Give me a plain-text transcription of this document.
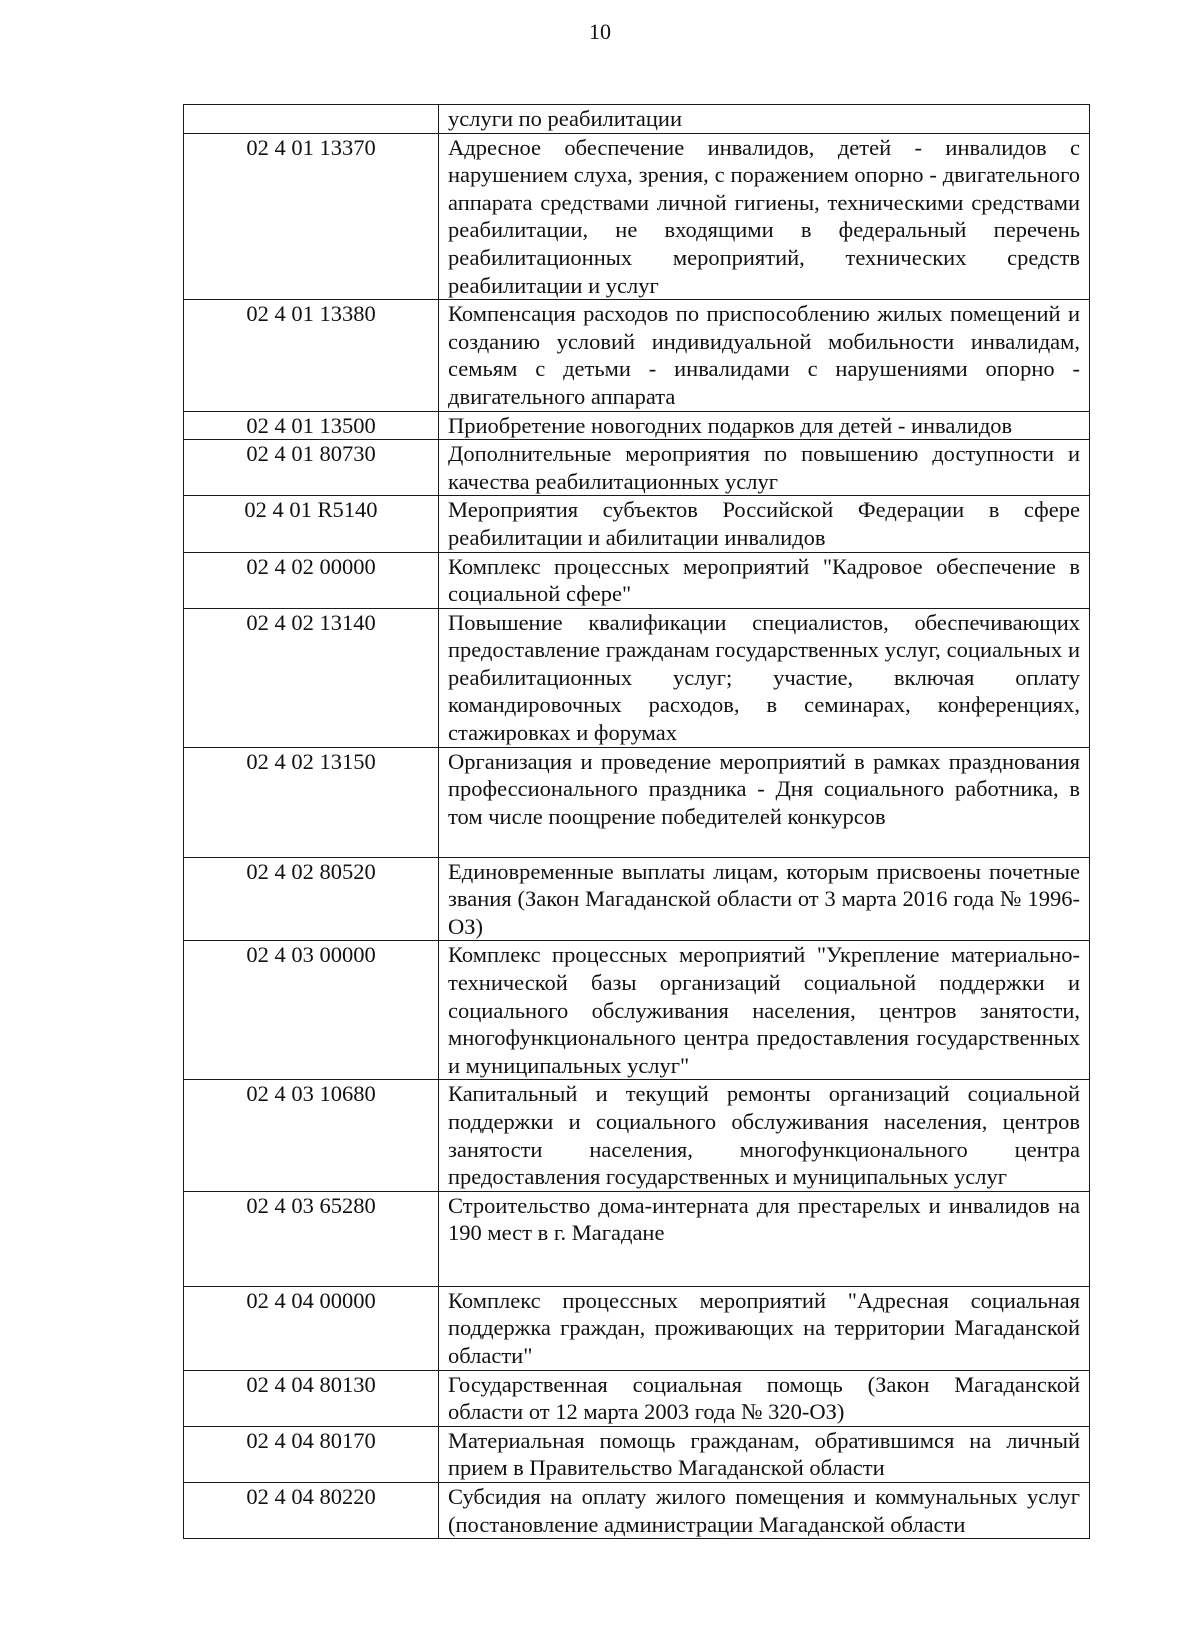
10

	услуги по реабилитации

02 4 01 13370	Адресное обеспечение инвалидов, детей - инвалидов с нарушением слуха, зрения, с поражением опорно - двигательного аппарата средствами личной гигиены, техническими средствами реабилитации, не входящими в федеральный перечень реабилитационных мероприятий, технических средств реабилитации и услуг

02 4 01 13380	Компенсация расходов по приспособлению жилых помещений и созданию условий индивидуальной мобильности инвалидам, семьям с детьми - инвалидами с нарушениями опорно - двигательного аппарата

02 4 01 13500	Приобретение новогодних подарков для детей - инвалидов

02 4 01 80730	Дополнительные мероприятия по повышению доступности и качества реабилитационных услуг

02 4 01 R5140	Мероприятия субъектов Российской Федерации в сфере реабилитации и абилитации инвалидов

02 4 02 00000	Комплекс процессных мероприятий "Кадровое обеспечение в социальной сфере"

02 4 02 13140	Повышение квалификации специалистов, обеспечивающих предоставление гражданам государственных услуг, социальных и реабилитационных услуг; участие, включая оплату командировочных расходов, в семинарах, конференциях, стажировках и форумах

02 4 02 13150	Организация и проведение мероприятий в рамках празднования профессионального праздника - Дня социального работника, в том числе поощрение победителей конкурсов

02 4 02 80520	Единовременные выплаты лицам, которым присвоены почетные звания (Закон Магаданской области от 3 марта 2016 года № 1996-ОЗ)

02 4 03 00000	Комплекс процессных мероприятий "Укрепление материально-технической базы организаций социальной поддержки и социального обслуживания населения, центров занятости, многофункционального центра предоставления государственных и муниципальных услуг"

02 4 03 10680	Капитальный и текущий ремонты организаций социальной поддержки и социального обслуживания населения, центров занятости населения, многофункционального центра предоставления государственных и муниципальных услуг

02 4 03 65280	Строительство дома-интерната для престарелых и инвалидов на 190 мест в г. Магадане

02 4 04 00000	Комплекс процессных мероприятий "Адресная социальная поддержка граждан, проживающих на территории Магаданской области"

02 4 04 80130	Государственная социальная помощь (Закон Магаданской области от 12 марта 2003 года № 320-ОЗ)

02 4 04 80170	Материальная помощь гражданам, обратившимся на личный прием в Правительство Магаданской области

02 4 04 80220	Субсидия на оплату жилого помещения и коммунальных услуг (постановление администрации Магаданской области
